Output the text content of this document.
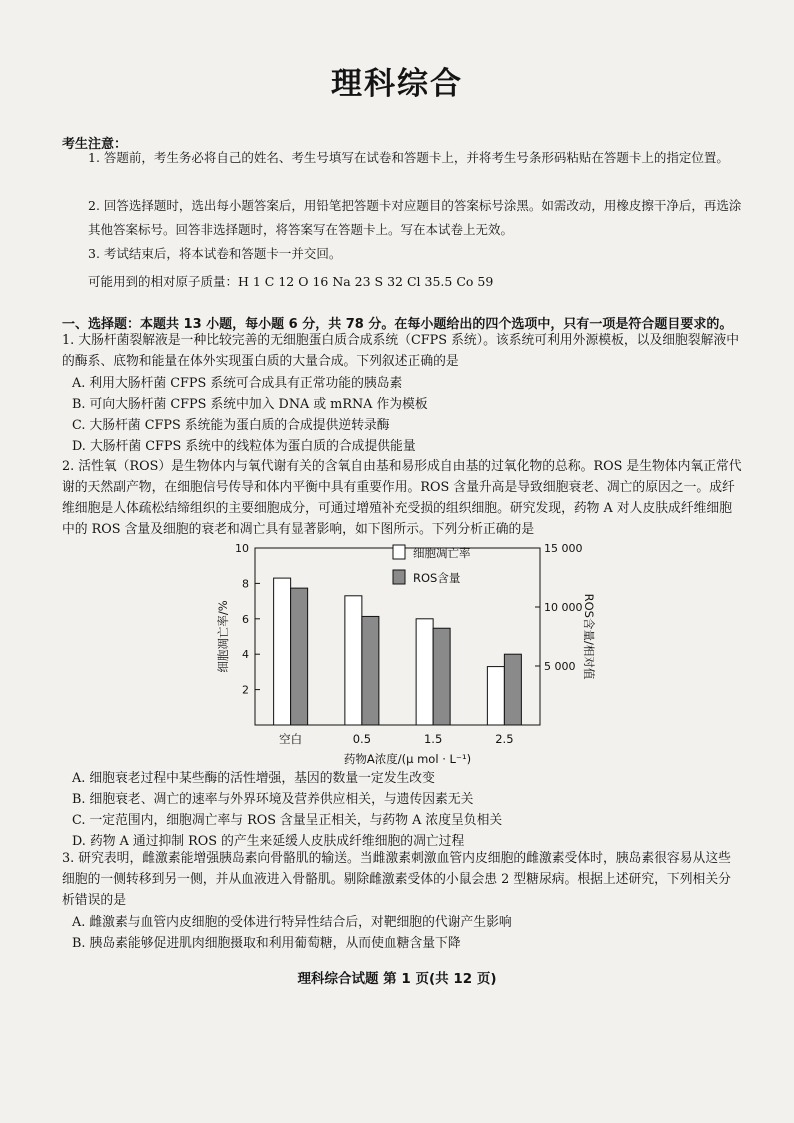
理科综合
考生注意：
1. 答题前，考生务必将自己的姓名、考生号填写在试卷和答题卡上，并将考生号条形码粘贴在答题卡上的指定位置。
2. 回答选择题时，选出每小题答案后，用铅笔把答题卡对应题目的答案标号涂黑。如需改动，用橡皮擦干净后，再选涂其他答案标号。回答非选择题时，将答案写在答题卡上。写在本试卷上无效。
3. 考试结束后，将本试卷和答题卡一并交回。
可能用到的相对原子质量：H 1 C 12 O 16 Na 23 S 32 Cl 35.5 Co 59
一、选择题：本题共 13 小题，每小题 6 分，共 78 分。在每小题给出的四个选项中，只有一项是符合题目要求的。
1. 大肠杆菌裂解液是一种比较完善的无细胞蛋白质合成系统（CFPS 系统）。该系统可利用外源模板，以及细胞裂解液中的酶系、底物和能量在体外实现蛋白质的大量合成。下列叙述正确的是
A. 利用大肠杆菌 CFPS 系统可合成具有正常功能的胰岛素
B. 可向大肠杆菌 CFPS 系统中加入 DNA 或 mRNA 作为模板
C. 大肠杆菌 CFPS 系统能为蛋白质的合成提供逆转录酶
D. 大肠杆菌 CFPS 系统中的线粒体为蛋白质的合成提供能量
2. 活性氧（ROS）是生物体内与氧代谢有关的含氧自由基和易形成自由基的过氧化物的总称。ROS 是生物体内氧正常代谢的天然副产物，在细胞信号传导和体内平衡中具有重要作用。ROS 含量升高是导致细胞衰老、凋亡的原因之一。成纤维细胞是人体疏松结缔组织的主要细胞成分，可通过增殖补充受损的组织细胞。研究发现，药物 A 对人皮肤成纤维细胞中的 ROS 含量及细胞的衰老和凋亡具有显著影响，如下图所示。下列分析正确的是
2
4
6
8
10
5 000
10 000
15 000
空白	0.5	1.5	2.5
药物A浓度/(μ mol · L⁻¹)
细胞凋亡率/%	ROS含量/相对值
细胞凋亡率
ROS含量
A. 细胞衰老过程中某些酶的活性增强，基因的数量一定发生改变
B. 细胞衰老、凋亡的速率与外界环境及营养供应相关，与遗传因素无关
C. 一定范围内，细胞凋亡率与 ROS 含量呈正相关，与药物 A 浓度呈负相关
D. 药物 A 通过抑制 ROS 的产生来延缓人皮肤成纤维细胞的凋亡过程
3. 研究表明，雌激素能增强胰岛素向骨骼肌的输送。当雌激素刺激血管内皮细胞的雌激素受体时，胰岛素很容易从这些细胞的一侧转移到另一侧，并从血液进入骨骼肌。剔除雌激素受体的小鼠会患 2 型糖尿病。根据上述研究，下列相关分析错误的是
A. 雌激素与血管内皮细胞的受体进行特异性结合后，对靶细胞的代谢产生影响
B. 胰岛素能够促进肌肉细胞摄取和利用葡萄糖，从而使血糖含量下降
理科综合试题 第 1 页(共 12 页)
